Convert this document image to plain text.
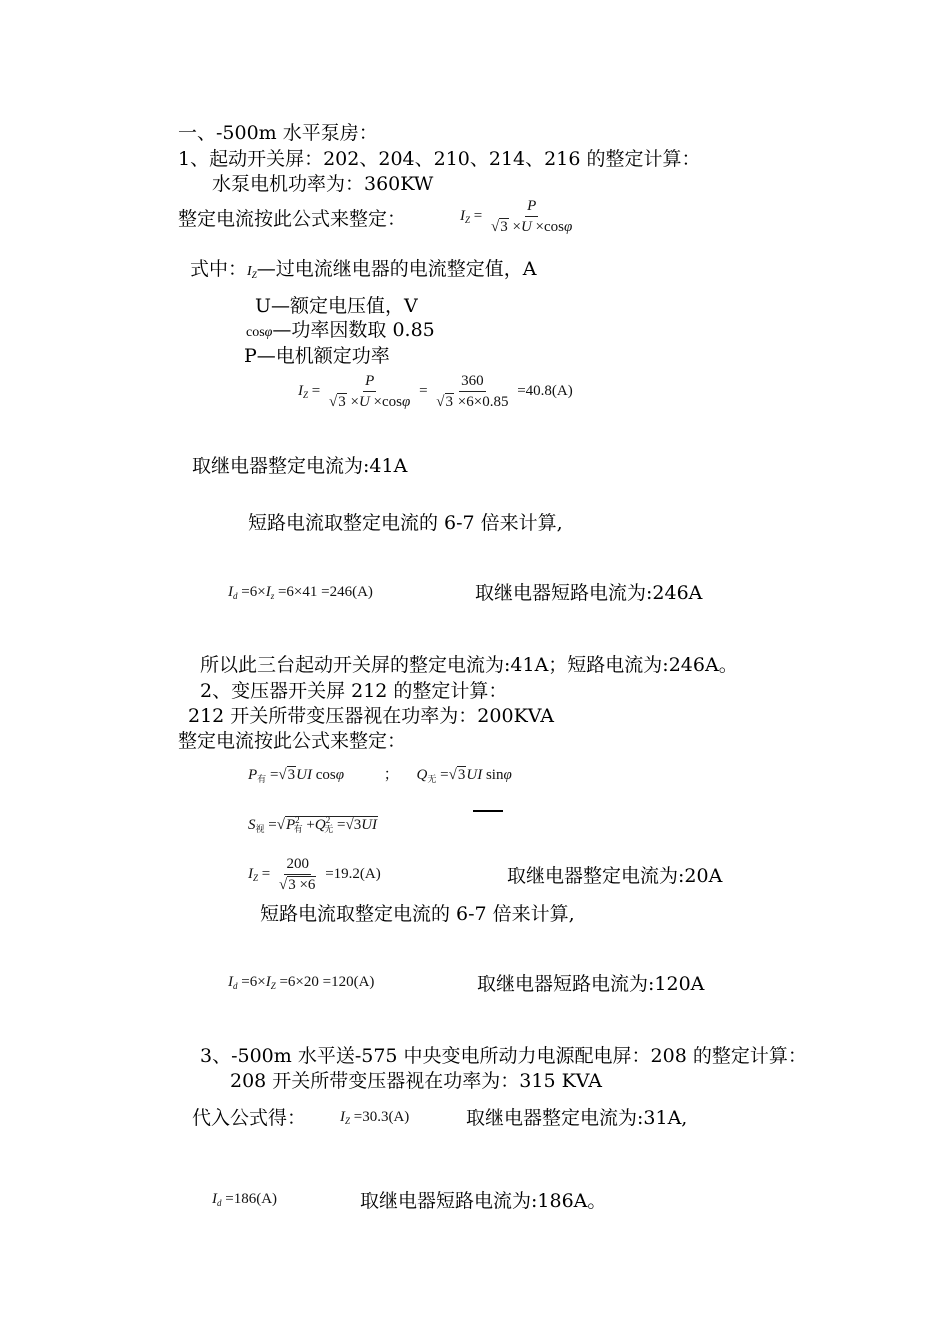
一、-500m 水平泵房：
1、起动开关屏：202、204、210、214、216 的整定计算：
水泵电机功率为：360KW
整定电流按此公式来整定：	$I_Z = \frac{P}{√3 \times U \times\cos\varphi}$
式中：$I_Z—$过电流继电器的电流整定值，A
U—额定电压值，V
cosφ—功率因数取 0.85
P—电机额定功率
$I_Z = \frac{P}{√3 \times U \times\cos\varphi} = \frac{360}{√3 \times 6\times 0.85} =40.8(A)$
取继电器整定电流为:41A
短路电流取整定电流的 6-7 倍来计算,
$I_d =6\times I_z =6\times 41 =246(A)$	取继电器短路电流为:246A
所以此三台起动开关屏的整定电流为:41A；短路电流为:246A。
2、变压器开关屏 212 的整定计算：
212 开关所带变压器视在功率为：200KVA
整定电流按此公式来整定：
$P_有 =√3UI$ cosφ	； $Q_无 =√3UI$ sinφ
$S_视 =√P^2_有 +Q^2_无 =√3UI$
$I_Z = \frac{200}{√3 \times 6} =19.2(A)$	取继电器整定电流为:20A
短路电流取整定电流的 6-7 倍来计算,
$I_d =6\times I_Z =6\times 20 =120(A)$	取继电器短路电流为:120A
3、-500m 水平送-575 中央变电所动力电源配电屏：208 的整定计算：
208 开关所带变压器视在功率为：315 KVA
代入公式得： $I_Z =30.3(A)$	取继电器整定电流为:31A,
$I_d =186(A)$	取继电器短路电流为:186A。
